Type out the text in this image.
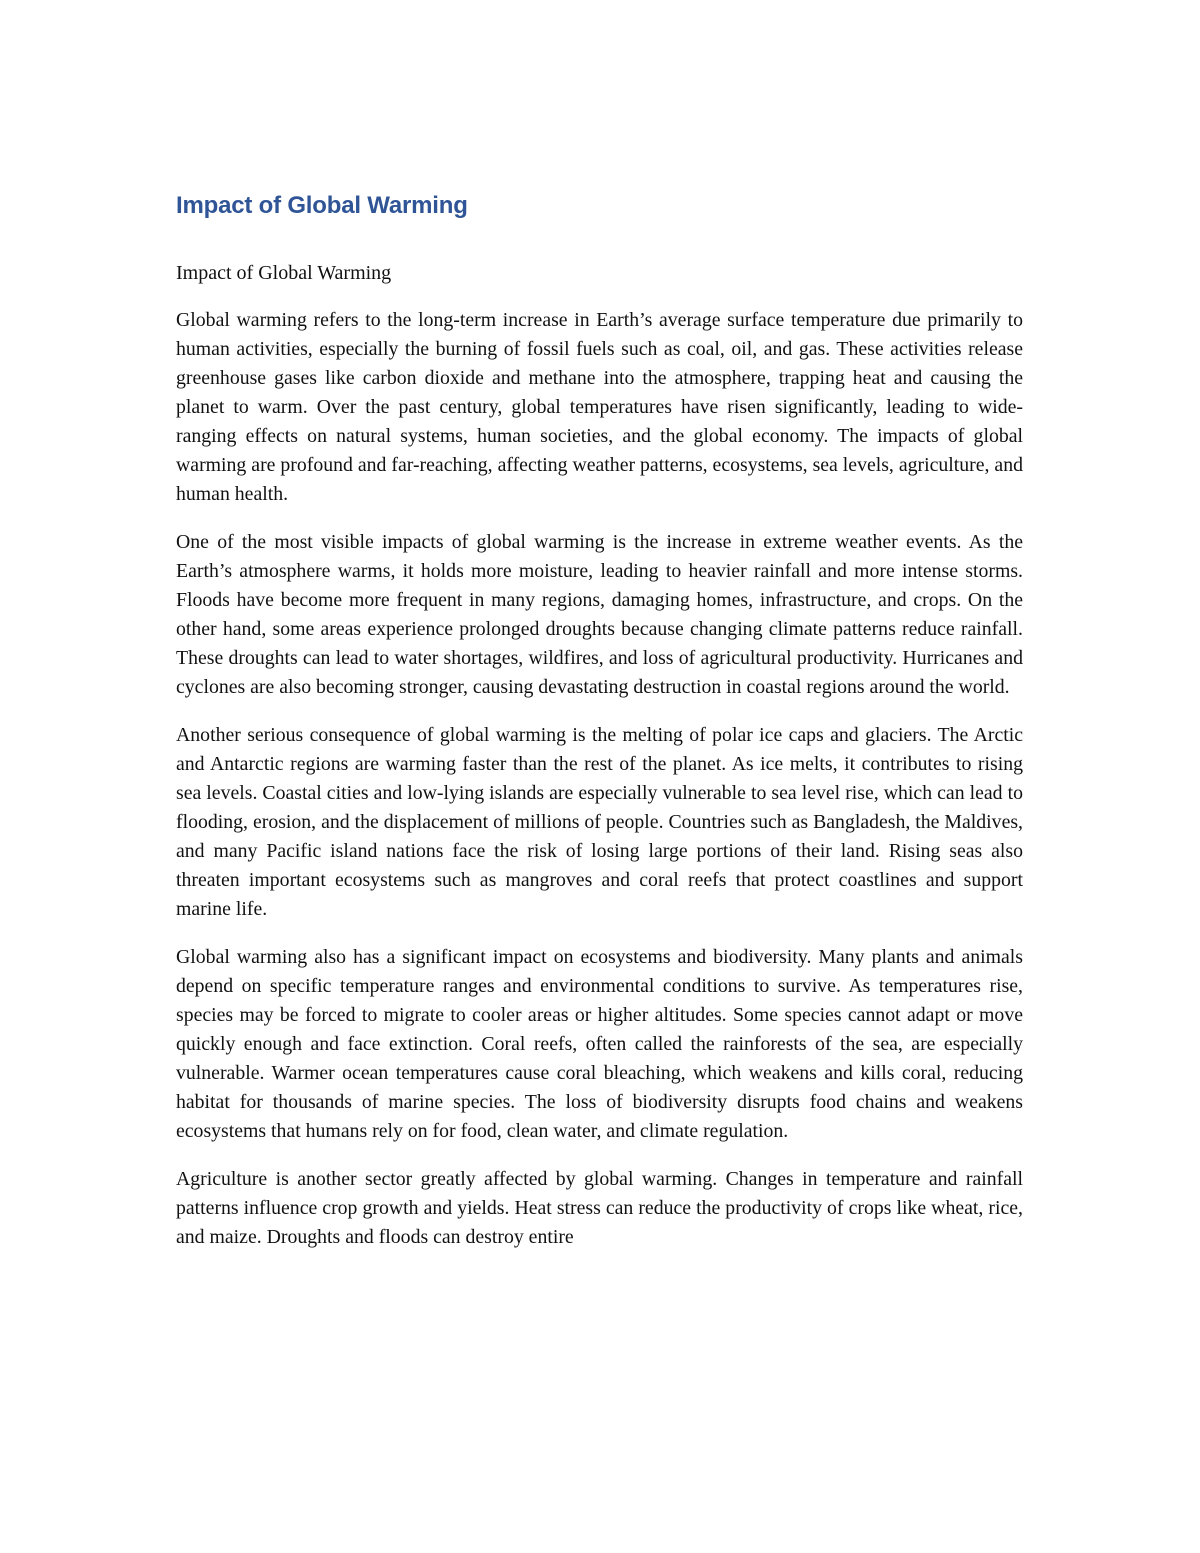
Impact of Global Warming

Impact of Global Warming

Global warming refers to the long-term increase in Earth’s average surface temperature due primarily to human activities, especially the burning of fossil fuels such as coal, oil, and gas. These activities release greenhouse gases like carbon dioxide and methane into the atmosphere, trapping heat and causing the planet to warm. Over the past century, global temperatures have risen significantly, leading to wide-ranging effects on natural systems, human societies, and the global economy. The impacts of global warming are profound and far-reaching, affecting weather patterns, ecosystems, sea levels, agriculture, and human health.

One of the most visible impacts of global warming is the increase in extreme weather events. As the Earth’s atmosphere warms, it holds more moisture, leading to heavier rainfall and more intense storms. Floods have become more frequent in many regions, damaging homes, infrastructure, and crops. On the other hand, some areas experience prolonged droughts because changing climate patterns reduce rainfall. These droughts can lead to water shortages, wildfires, and loss of agricultural productivity. Hurricanes and cyclones are also becoming stronger, causing devastating destruction in coastal regions around the world.

Another serious consequence of global warming is the melting of polar ice caps and glaciers. The Arctic and Antarctic regions are warming faster than the rest of the planet. As ice melts, it contributes to rising sea levels. Coastal cities and low-lying islands are especially vulnerable to sea level rise, which can lead to flooding, erosion, and the displacement of millions of people. Countries such as Bangladesh, the Maldives, and many Pacific island nations face the risk of losing large portions of their land. Rising seas also threaten important ecosystems such as mangroves and coral reefs that protect coastlines and support marine life.

Global warming also has a significant impact on ecosystems and biodiversity. Many plants and animals depend on specific temperature ranges and environmental conditions to survive. As temperatures rise, species may be forced to migrate to cooler areas or higher altitudes. Some species cannot adapt or move quickly enough and face extinction. Coral reefs, often called the rainforests of the sea, are especially vulnerable. Warmer ocean temperatures cause coral bleaching, which weakens and kills coral, reducing habitat for thousands of marine species. The loss of biodiversity disrupts food chains and weakens ecosystems that humans rely on for food, clean water, and climate regulation.

Agriculture is another sector greatly affected by global warming. Changes in temperature and rainfall patterns influence crop growth and yields. Heat stress can reduce the productivity of crops like wheat, rice, and maize. Droughts and floods can destroy entire
